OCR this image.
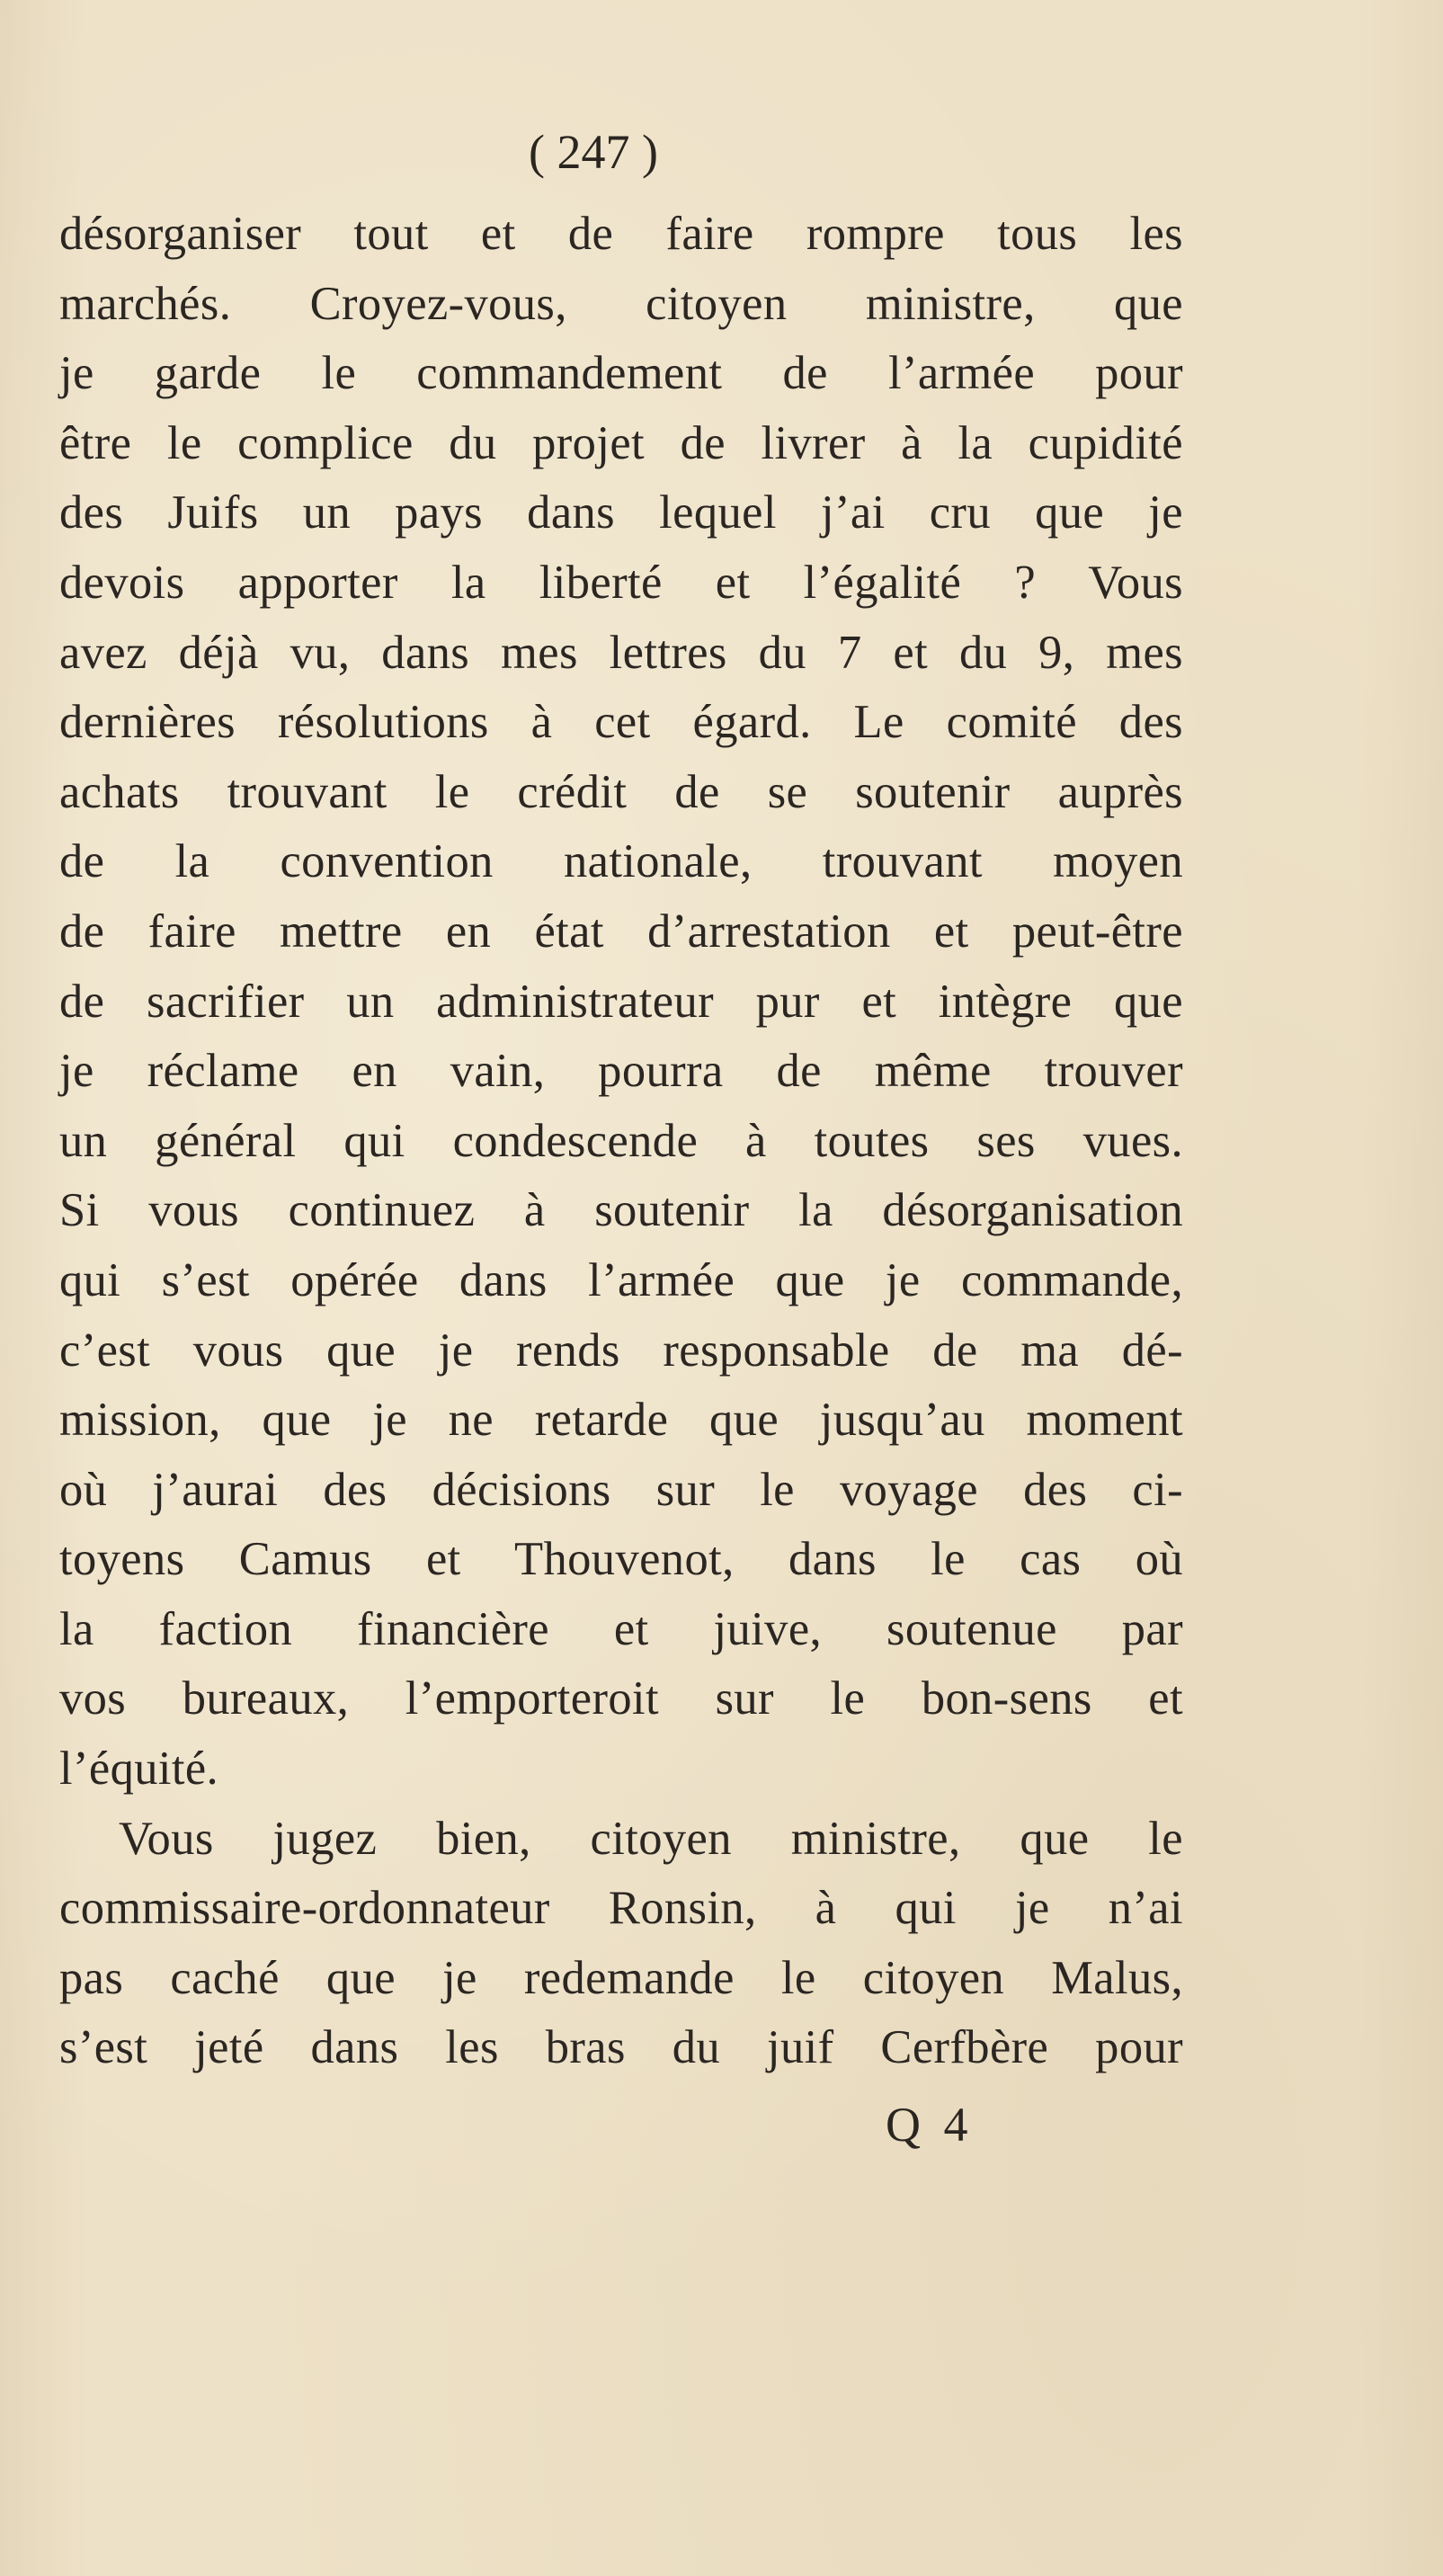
( 247 )
désorganiser tout et de faire rompre tous les
marchés. Croyez-vous, citoyen ministre, que
je garde le commandement de l’armée pour
être le complice du projet de livrer à la cupidité
des Juifs un pays dans lequel j’ai cru que je
devois apporter la liberté et l’égalité ? Vous
avez déjà vu, dans mes lettres du 7 et du 9, mes
dernières résolutions à cet égard. Le comité des
achats trouvant le crédit de se soutenir auprès
de la convention nationale, trouvant moyen
de faire mettre en état d’arrestation et peut-être
de sacrifier un administrateur pur et intègre que
je réclame en vain, pourra de même trouver
un général qui condescende à toutes ses vues.
Si vous continuez à soutenir la désorganisation
qui s’est opérée dans l’armée que je commande,
c’est vous que je rends responsable de ma dé-
mission, que je ne retarde que jusqu’au moment
où j’aurai des décisions sur le voyage des ci-
toyens Camus et Thouvenot, dans le cas où
la faction financière et juive, soutenue par
vos bureaux, l’emporteroit sur le bon-sens et
l’équité.
Vous jugez bien, citoyen ministre, que le
commissaire-ordonnateur Ronsin, à qui je n’ai
pas caché que je redemande le citoyen Malus,
s’est jeté dans les bras du juif Cerfbère pour
Q 4
